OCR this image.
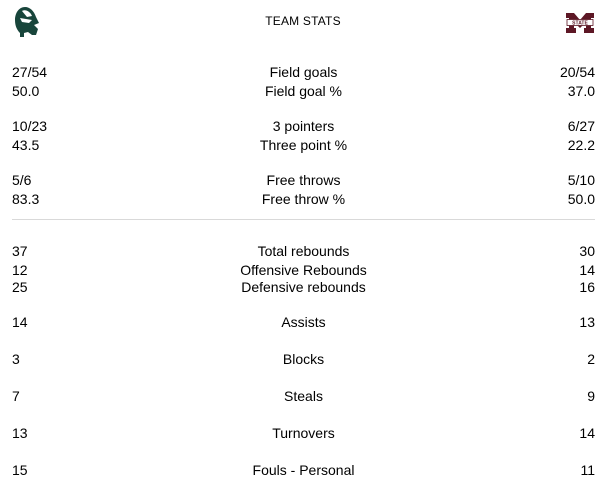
TEAM STATS	STATE
27/54	Field goals	20/54
50.0	Field goal %	37.0
10/23	3 pointers	6/27
43.5	Three point %	22.2
5/6	Free throws	5/10
83.3	Free throw %	50.0
37	Total rebounds	30
12	Offensive Rebounds	14
25	Defensive rebounds	16
14	Assists	13
3	Blocks	2
7	Steals	9
13	Turnovers	14
15	Fouls - Personal	11
